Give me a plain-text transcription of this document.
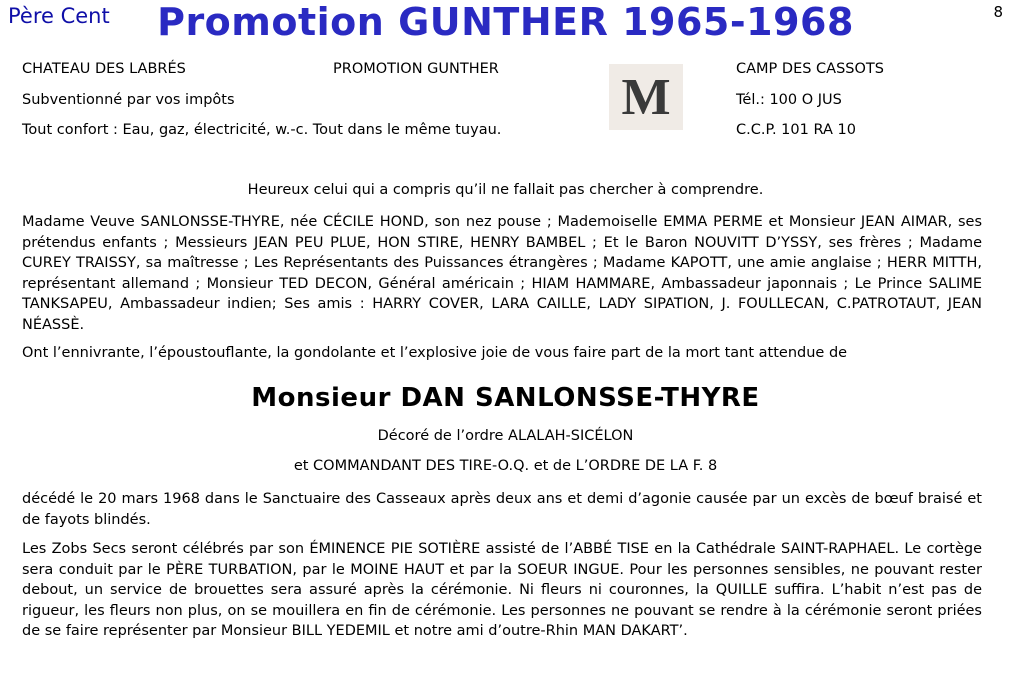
Père Cent	Promotion GUNTHER 1965-1968	8
CHATEAU DES LABRÉS
Subventionné par vos impôts
Tout confort : Eau, gaz, électricité, w.-c. Tout dans le même tuyau.
PROMOTION GUNTHER M	CAMP DES CASSOTS
Tél.: 100 O JUS
C.C.P. 101 RA 10
Heureux celui qui a compris qu’il ne fallait pas chercher à comprendre.

Madame Veuve SANLONSSE-THYRE, née CÉCILE HOND, son nez pouse ; Mademoiselle EMMA PERME et Monsieur JEAN AIMAR, ses prétendus enfants ; Messieurs JEAN PEU PLUE, HON STIRE, HENRY BAMBEL ; Et le Baron NOUVITT D’YSSY, ses frères ; Madame CUREY TRAISSY, sa maîtresse ; Les Représentants des Puissances étrangères ; Madame KAPOTT, une amie anglaise ; HERR MITTH, représentant allemand ; Monsieur TED DECON, Général américain ; HIAM HAMMARE, Ambassadeur japonnais ; Le Prince SALIME TANKSAPEU, Ambassadeur indien; Ses amis : HARRY COVER, LARA CAILLE, LADY SIPATION, J. FOULLECAN, C.PATROTAUT, JEAN NÉASSÈ.

Ont l’ennivrante, l’époustouflante, la gondolante et l’explosive joie de vous faire part de la mort tant attendue de

Monsieur DAN SANLONSSE-THYRE
Décoré de l’ordre ALALAH-SICÉLON
et COMMANDANT DES TIRE-O.Q. et de L’ORDRE DE LA F. 8

décédé le 20 mars 1968 dans le Sanctuaire des Casseaux après deux ans et demi d’agonie causée par un excès de bœuf braisé et de fayots blindés.

Les Zobs Secs seront célébrés par son ÉMINENCE PIE SOTIÈRE assisté de l’ABBÉ TISE en la Cathédrale SAINT-RAPHAEL. Le cortège sera conduit par le PÈRE TURBATION, par le MOINE HAUT et par la SOEUR INGUE. Pour les personnes sensibles, ne pouvant rester debout, un service de brouettes sera assuré après la cérémonie. Ni fleurs ni couronnes, la QUILLE suffira. L’habit n’est pas de rigueur, les fleurs non plus, on se mouillera en fin de cérémonie. Les personnes ne pouvant se rendre à la cérémonie seront priées de se faire représenter par Monsieur BILL YEDEMIL et notre ami d’outre-Rhin MAN DAKART’.
